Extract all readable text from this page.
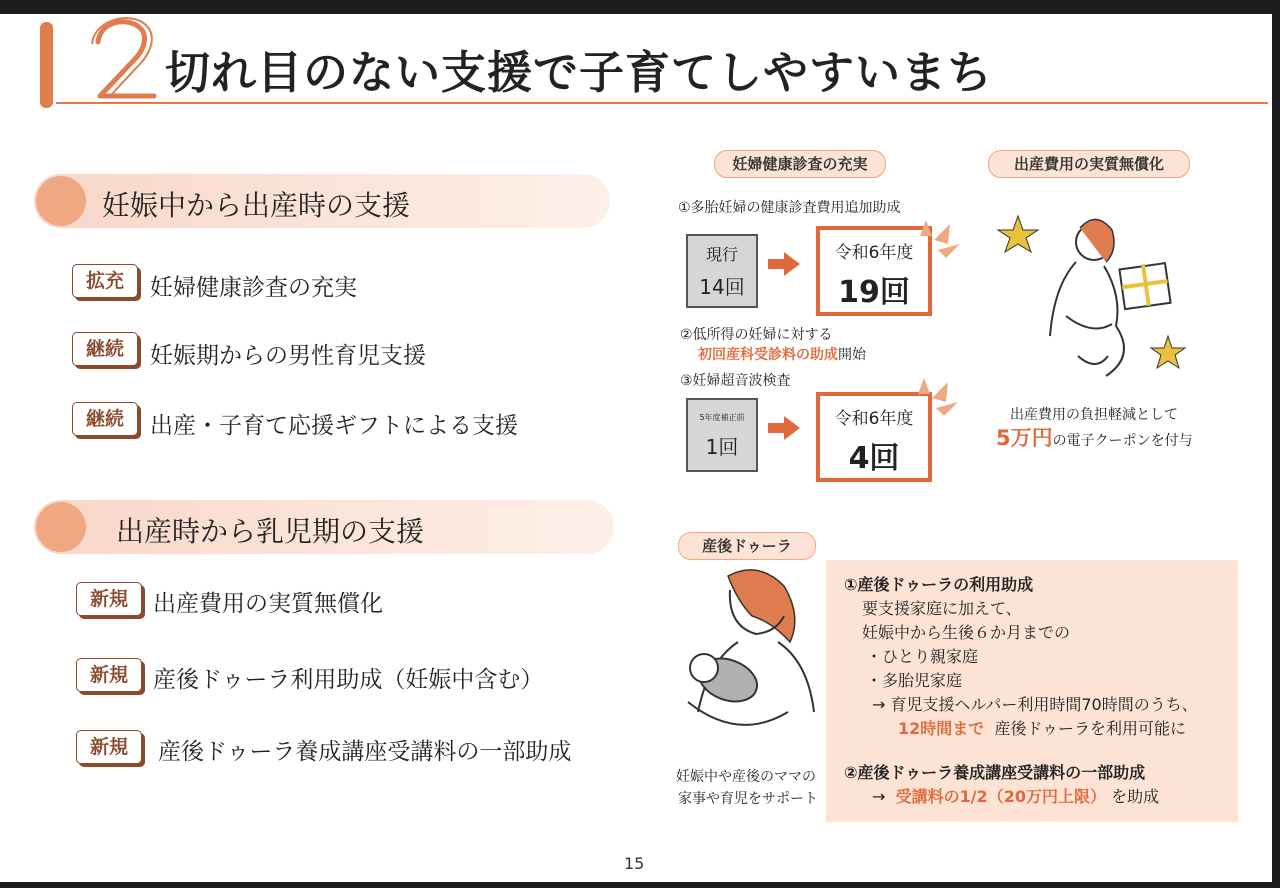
切れ目のない支援で子育てしやすいまち
妊娠中から出産時の支援
拡充	妊婦健康診査の充実
継続	妊娠期からの男性育児支援
継続	出産・子育て応援ギフトによる支援
出産時から乳児期の支援
新規	出産費用の実質無償化
新規	産後ドゥーラ利用助成（妊娠中含む）
新規	産後ドゥーラ養成講座受講料の一部助成
妊婦健康診査の充実
①多胎妊婦の健康診査費用追加助成
現行
14回
令和6年度
19回
②低所得の妊婦に対する
初回産科受診料の助成開始
③妊婦超音波検査
5年度補正前
1回
令和6年度
4回
出産費用の実質無償化
出産費用の負担軽減として
5万円の電子クーポンを付与
産後ドゥーラ
妊娠中や産後のママの
家事や育児をサポート
①産後ドゥーラの利用助成
要支援家庭に加えて、
妊娠中から生後６か月までの
・ひとり親家庭
・多胎児家庭
→ 育児支援ヘルパー利用時間70時間のうち、
12時間まで 産後ドゥーラを利用可能に
②産後ドゥーラ養成講座受講料の一部助成
→ 受講料の1/2（20万円上限） を助成
15
